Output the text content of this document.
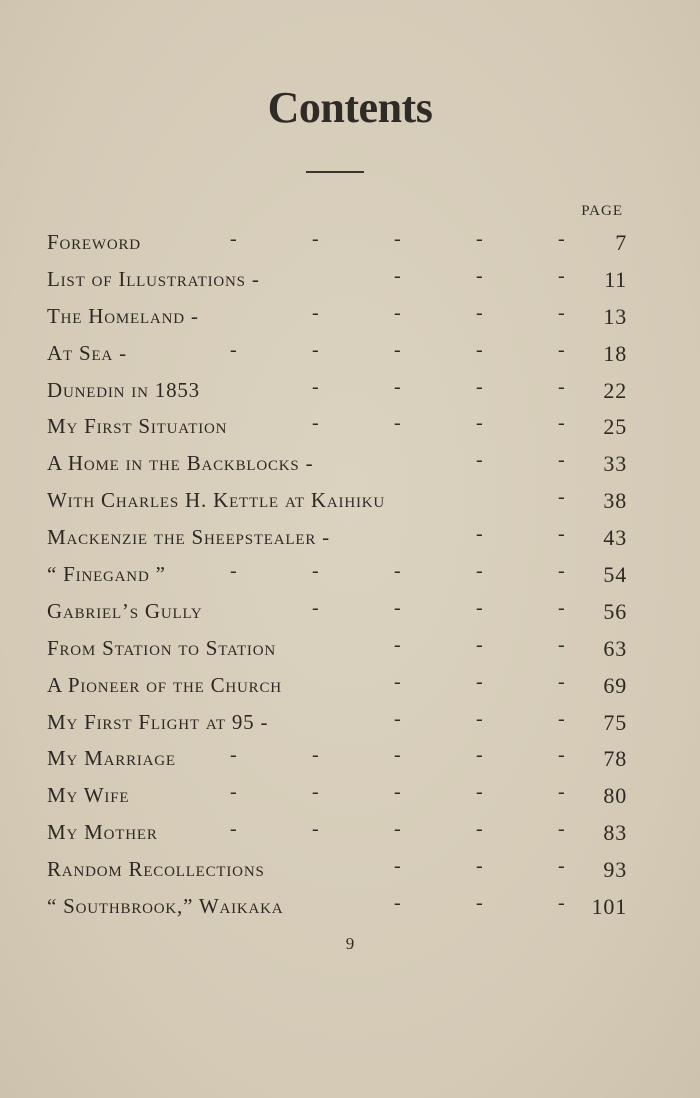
Contents
PAGE
Foreword	-	-	-	-	- 7
List of Illustrations -	-	-	- 11
The Homeland -	-	-	-	- 13
At Sea -	-	-	-	-	- 18
Dunedin in 1853	-	-	-	- 22
My First Situation	-	-	-	- 25
A Home in the Backblocks -	-	- 33
With Charles H. Kettle at Kaihiku	- 38
Mackenzie the Sheepstealer -	-	- 43
“ Finegand ”	-	-	-	-	- 54
Gabriel’s Gully	-	-	-	- 56
From Station to Station	-	-	- 63
A Pioneer of the Church	-	-	- 69
My First Flight at 95 -	-	-	- 75
My Marriage	-	-	-	-	- 78
My Wife	-	-	-	-	- 80
My Mother	-	-	-	-	- 83
Random Recollections	-	-	- 93
“ Southbrook,” Waikaka	-	-	- 101
9
